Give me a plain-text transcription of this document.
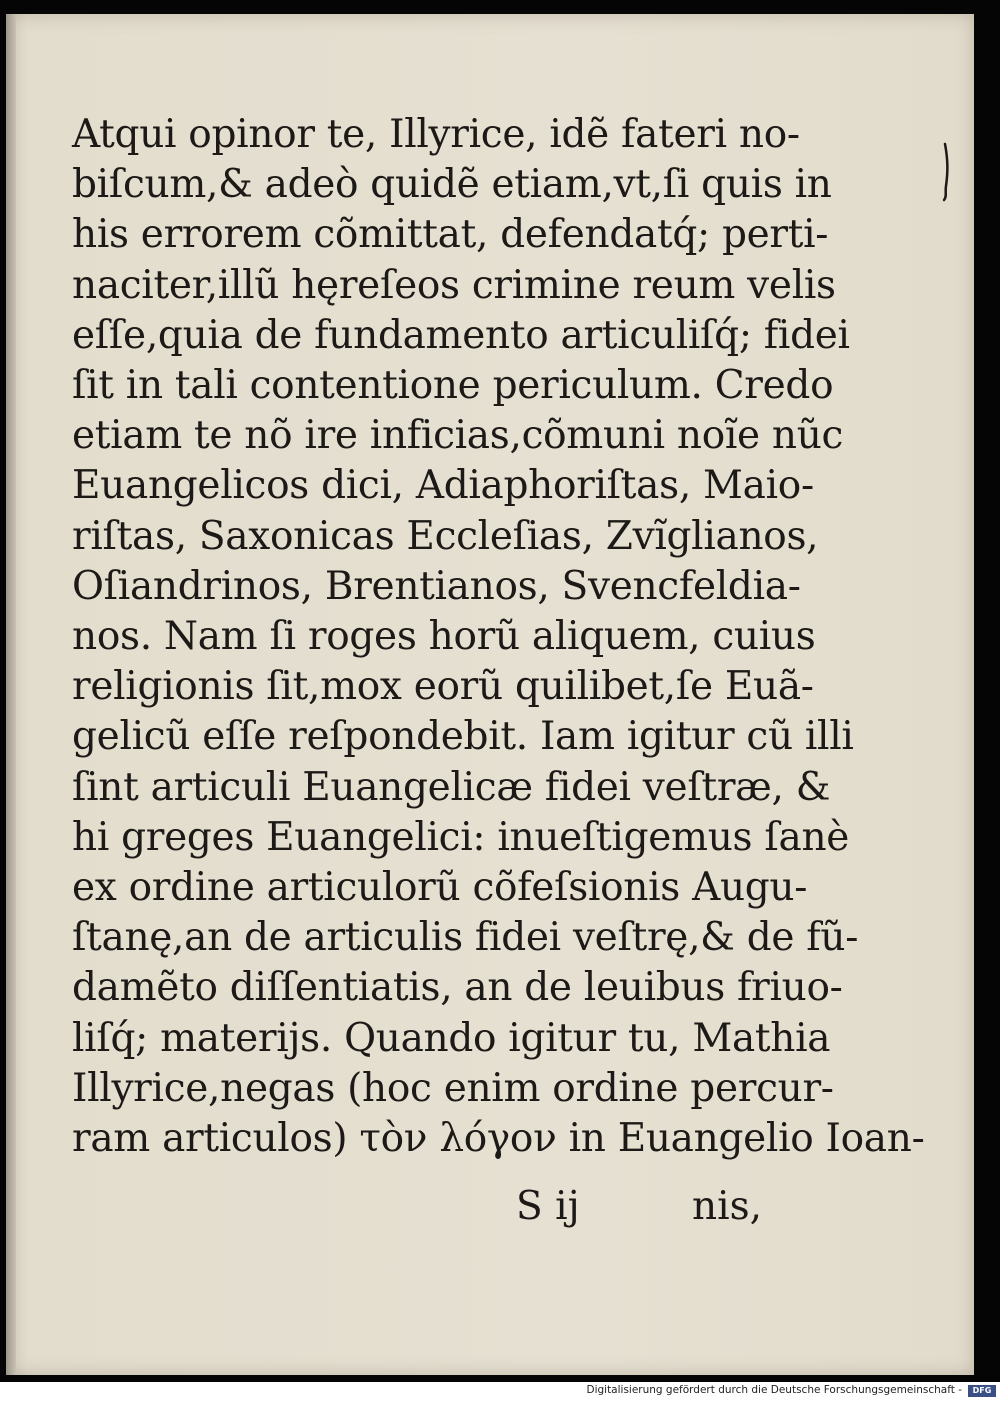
Atqui opinor te, Illyrice, idẽ fateri no-
biſcum,& adeò quidẽ etiam,vt,ſi quis in
his errorem cõmittat, defendatq́; perti-
naciter,illũ hęreſeos crimine reum velis
eſſe,quia de fundamento articuliſq́; fidei
ſit in tali contentione periculum. Credo
etiam te nõ ire inficias,cõmuni noĩe nũc
Euangelicos dici, Adiaphoriſtas, Maio-
riſtas, Saxonicas Eccleſias, Zvĩglianos,
Oſiandrinos, Brentianos, Svencfeldia-
nos. Nam ſi roges horũ aliquem, cuius
religionis ſit,mox eorũ quilibet,ſe Euã-
gelicũ eſſe reſpondebit. Iam igitur cũ illi
ſint articuli Euangelicæ fidei veſtræ, &
hi greges Euangelici: inueſtigemus ſanè
ex ordine articulorũ cõfeſsionis Augu-
ſtanę,an de articulis fidei veſtrę,& de fũ-
damẽto diſſentiatis, an de leuibus friuo-
liſq́; materijs. Quando igitur tu, Mathia
Illyrice,negas (hoc enim ordine percur-
ram articulos) τὸν λόγον in Euangelio Ioan-
S ij	nis,
Digitalisierung gefördert durch die Deutsche Forschungsgemeinschaft -	DFG
